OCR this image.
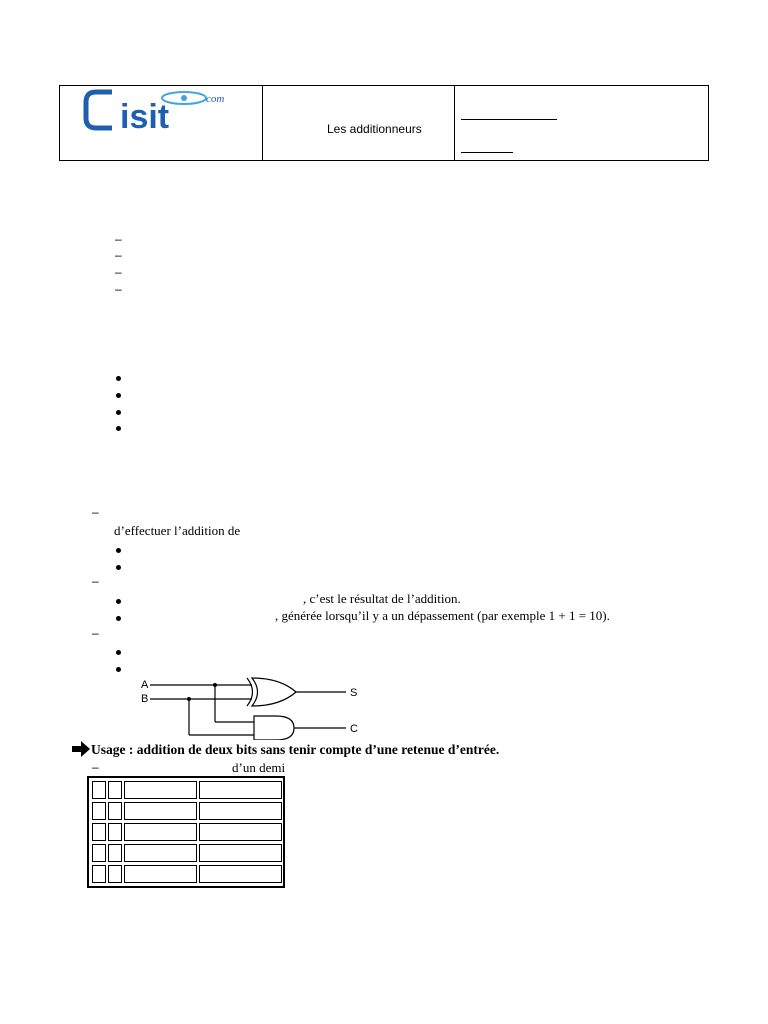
isit	com
Les additionneurs
–
–
–
–
–
d’effectuer l’addition de
–
, c’est le résultat de l’addition.
, générée lorsqu’il y a un dépassement (par exemple 1 + 1 = 10).
–
A
B	S
C
Usage : addition de deux bits sans tenir compte d’une retenue d’entrée.
–	d’un demi
